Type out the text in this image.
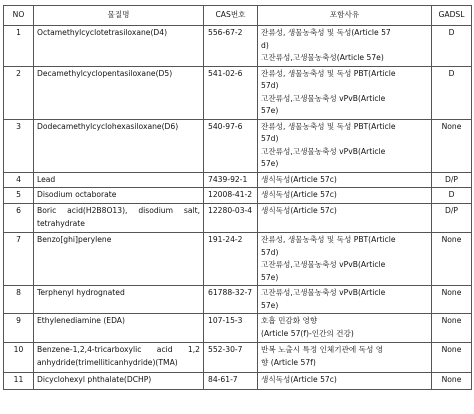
NO	물질명	CAS번호	포함사유	GADSL
1	Octamethylcyclotetrasiloxane(D4)	556-67-2	잔류성, 생물농축성 및 독성(Article 57
d)
고잔류성,고생물농축성(Article 57e)	D
2	Decamethylcyclopentasiloxane(D5)	541-02-6	잔류성, 생물농축성 및 독성 PBT(Article
57d)
고잔류성,고생물농축성 vPvB(Article
57e)	D
3	Dodecamethylcyclohexasiloxane(D6)	540-97-6	잔류성, 생물농축성 및 독성 PBT(Article
57d)
고잔류성,고생물농축성 vPvB(Article
57e)	None
4	Lead	7439-92-1	생식독성(Article 57c)	D/P
5	Disodium octaborate	12008-41-2	생식독성(Article 57c)	D
6	Boric acid(H2B8O13), disodium salt, tetrahydrate	12280-03-4	생식독성(Article 57c)	D/P
7	Benzo[ghi]perylene	191-24-2	잔류성, 생물농축성 및 독성 PBT(Article
57d)
고잔류성,고생물농축성 vPvB(Article
57e)	None
8	Terphenyl hydrognated	61788-32-7	고잔류성,고생물농축성 vPvB(Article
57e)	None
9	Ethylenediamine (EDA)	107-15-3	호흡 민감화 영향
(Article 57(f)-인간의 건강)	None
10	Benzene-1,2,4-tricarboxylic acid 1,2 anhydride(trimelliticanhydride)(TMA)	552-30-7	반복 노출시 특정 인체기관에 독성 영
향 (Article 57f)	None
11	Dicyclohexyl phthalate(DCHP)	84-61-7	생식독성(Article 57c)	None
